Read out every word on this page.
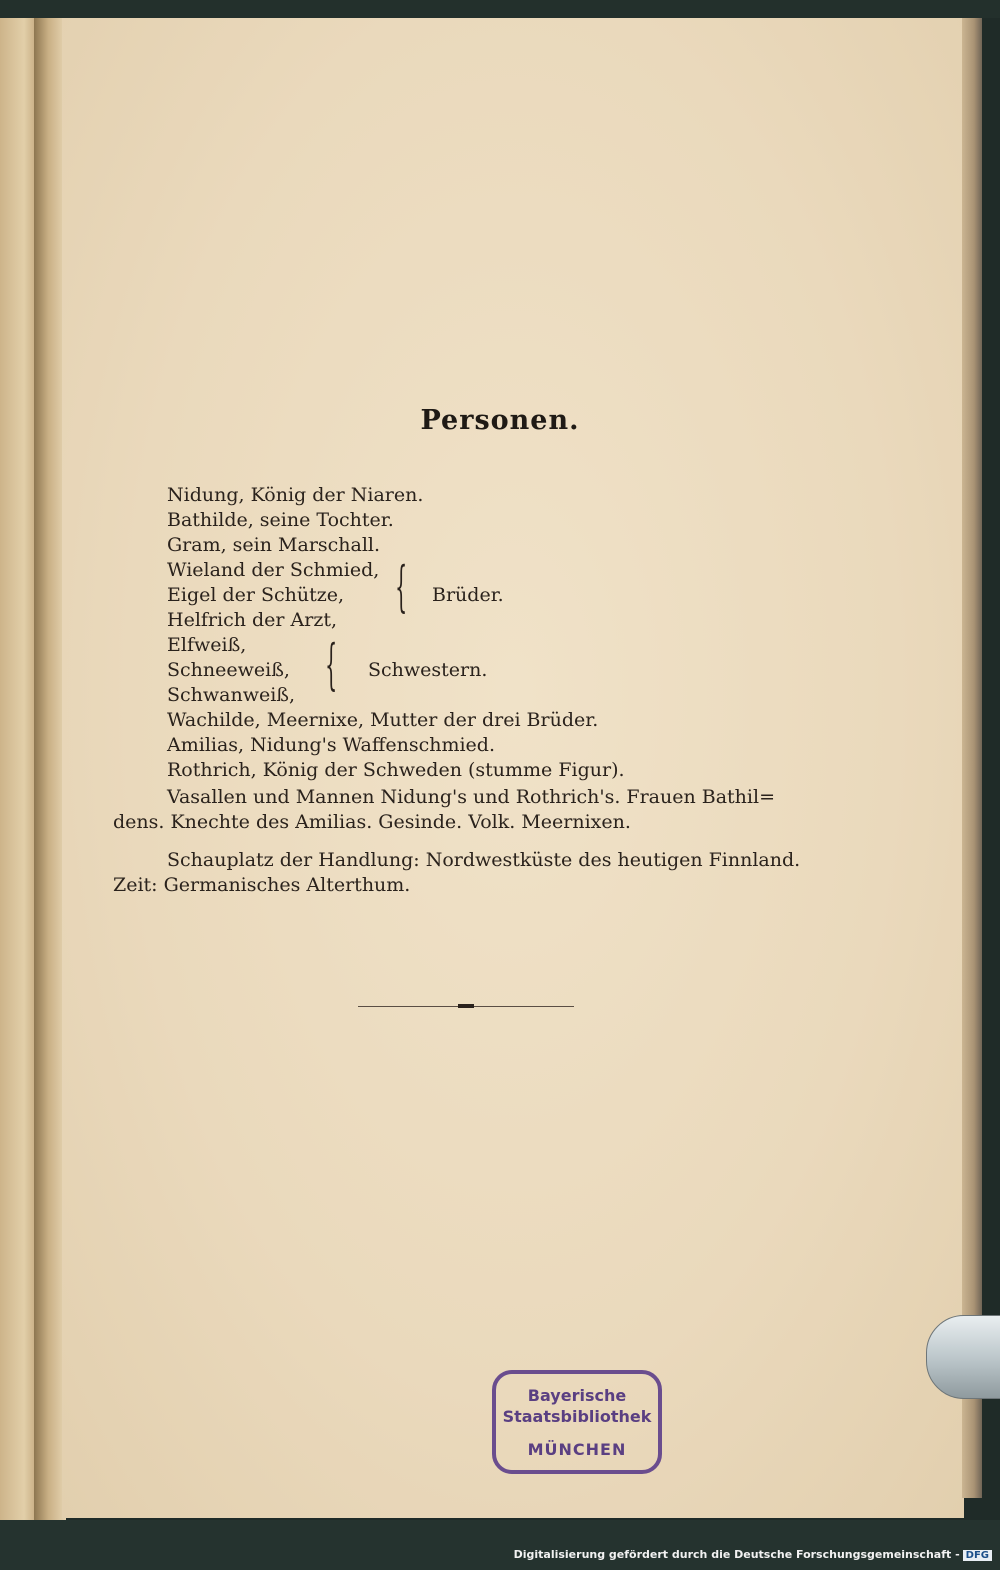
Personen.
Nidung, König der Niaren.
Bathilde, seine Tochter.
Gram, sein Marschall.
Wieland der Schmied,
Eigel der Schütze,
Helfrich der Arzt,
{ Brüder.
Elfweiß,
Schneeweiß,
Schwanweiß, { Schwestern.
Wachilde, Meernixe, Mutter der drei Brüder.
Amilias, Nidung's Waffenschmied.
Rothrich, König der Schweden (stumme Figur).
Vasallen und Mannen Nidung's und Rothrich's. Frauen Bathil=
dens. Knechte des Amilias. Gesinde. Volk. Meernixen.
Schauplatz der Handlung: Nordwestküste des heutigen Finnland.
Zeit: Germanisches Alterthum.
Bayerische
Staatsbibliothek
MÜNCHEN
Digitalisierung gefördert durch die Deutsche Forschungsgemeinschaft - DFG
